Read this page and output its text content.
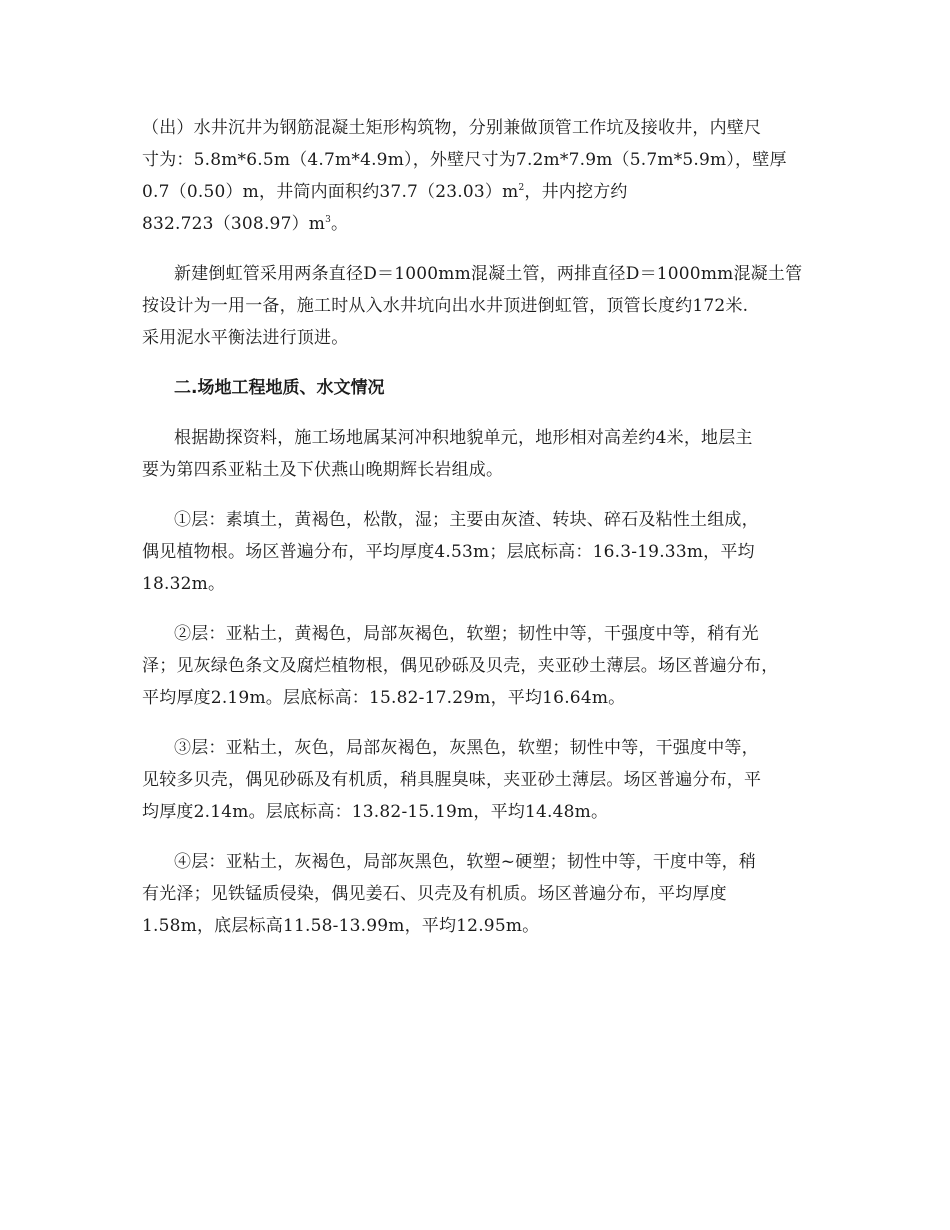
（出）水井沉井为钢筋混凝土矩形构筑物，分别兼做顶管工作坑及接收井，内壁尺
寸为：5.8m*6.5m（4.7m*4.9m），外壁尺寸为7.2m*7.9m（5.7m*5.9m），壁厚
0.7（0.50）m，井筒内面积约$37.7(23.03)m^2$，井内挖方约
$832.723(308.97)m^3$。

新建倒虹管采用两条直径D＝1000mm混凝土管，两排直径D＝1000mm混凝土管
按设计为一用一备，施工时从入水井坑向出水井顶进倒虹管，顶管长度约172米.
采用泥水平衡法进行顶进。

二.场地工程地质、水文情况

根据勘探资料，施工场地属某河冲积地貌单元，地形相对高差约4米，地层主
要为第四系亚粘土及下伏燕山晚期辉长岩组成。

①层：素填土，黄褐色，松散，湿；主要由灰渣、转块、碎石及粘性土组成，
偶见植物根。场区普遍分布，平均厚度4.53m；层底标高：16.3-19.33m，平均
18.32m。

②层：亚粘土，黄褐色，局部灰褐色，软塑；韧性中等，干强度中等，稍有光
泽；见灰绿色条文及腐烂植物根，偶见砂砾及贝壳，夹亚砂土薄层。场区普遍分布，
平均厚度2.19m。层底标高：15.82-17.29m，平均16.64m。

③层：亚粘土，灰色，局部灰褐色，灰黑色，软塑；韧性中等，干强度中等，
见较多贝壳，偶见砂砾及有机质，稍具腥臭味，夹亚砂土薄层。场区普遍分布，平
均厚度2.14m。层底标高：13.82-15.19m，平均14.48m。

④层：亚粘土，灰褐色，局部灰黑色，软塑~硬塑；韧性中等，干度中等，稍
有光泽；见铁锰质侵染，偶见姜石、贝壳及有机质。场区普遍分布，平均厚度
1.58m，底层标高11.58-13.99m，平均12.95m。
